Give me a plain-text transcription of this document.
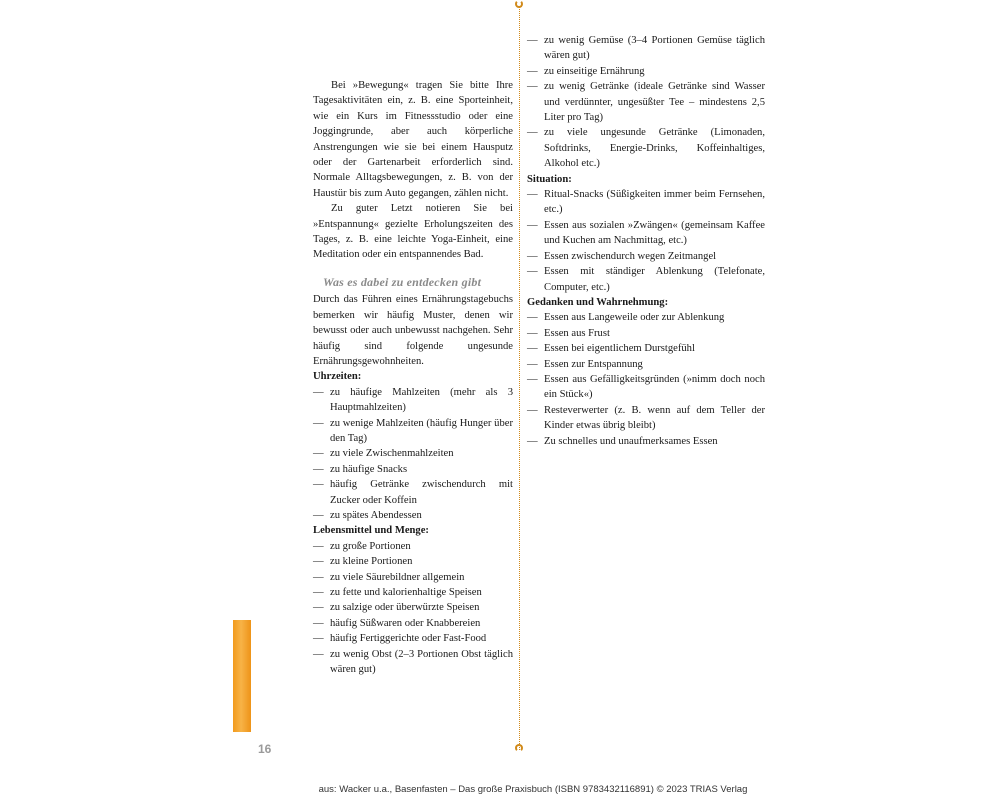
16

Bei »Bewegung« tragen Sie bitte Ihre Tagesaktivitäten ein, z. B. eine Sporteinheit, wie ein Kurs im Fitnessstudio oder eine Joggingrunde, aber auch körperliche Anstrengungen wie sie bei einem Hausputz oder der Gartenarbeit erforderlich sind. Normale Alltagsbewegungen, z. B. von der Haustür bis zum Auto gegangen, zählen nicht.

Zu guter Letzt notieren Sie bei »Entspannung« gezielte Erholungszeiten des Tages, z. B. eine leichte Yoga-Einheit, eine Meditation oder ein entspannendes Bad.

Was es dabei zu entdecken gibt

Durch das Führen eines Ernährungstagebuchs bemerken wir häufig Muster, denen wir bewusst oder auch unbewusst nachgehen. Sehr häufig sind folgende ungesunde Ernährungsgewohnheiten.

Uhrzeiten:
— zu häufige Mahlzeiten (mehr als 3 Hauptmahlzeiten)
— zu wenige Mahlzeiten (häufig Hunger über den Tag)
— zu viele Zwischenmahlzeiten
— zu häufige Snacks
— häufig Getränke zwischendurch mit Zucker oder Koffein
— zu spätes Abendessen
Lebensmittel und Menge:
— zu große Portionen
— zu kleine Portionen
— zu viele Säurebildner allgemein
— zu fette und kalorienhaltige Speisen
— zu salzige oder überwürzte Speisen
— häufig Süßwaren oder Knabbereien
— häufig Fertiggerichte oder Fast-Food
— zu wenig Obst (2–3 Portionen Obst täglich wären gut)
— zu wenig Gemüse (3–4 Portionen Gemüse täglich wären gut)
— zu einseitige Ernährung
— zu wenig Getränke (ideale Getränke sind Wasser und verdünnter, ungesüßter Tee – mindestens 2,5 Liter pro Tag)
— zu viele ungesunde Getränke (Limonaden, Softdrinks, Energie-Drinks, Koffeinhaltiges, Alkohol etc.)
Situation:
— Ritual-Snacks (Süßigkeiten immer beim Fernsehen, etc.)
— Essen aus sozialen »Zwängen« (gemeinsam Kaffee und Kuchen am Nachmittag, etc.)
— Essen zwischendurch wegen Zeitmangel
— Essen mit ständiger Ablenkung (Telefonate, Computer, etc.)
Gedanken und Wahrnehmung:
— Essen aus Langeweile oder zur Ablenkung
— Essen aus Frust
— Essen bei eigentlichem Durstgefühl
— Essen zur Entspannung
— Essen aus Gefälligkeitsgründen (»nimm doch noch ein Stück«)
— Resteverwerter (z. B. wenn auf dem Teller der Kinder etwas übrig bleibt)
— Zu schnelles und unaufmerksames Essen
aus: Wacker u.a., Basenfasten – Das große Praxisbuch (ISBN 9783432116891) © 2023 TRIAS Verlag
